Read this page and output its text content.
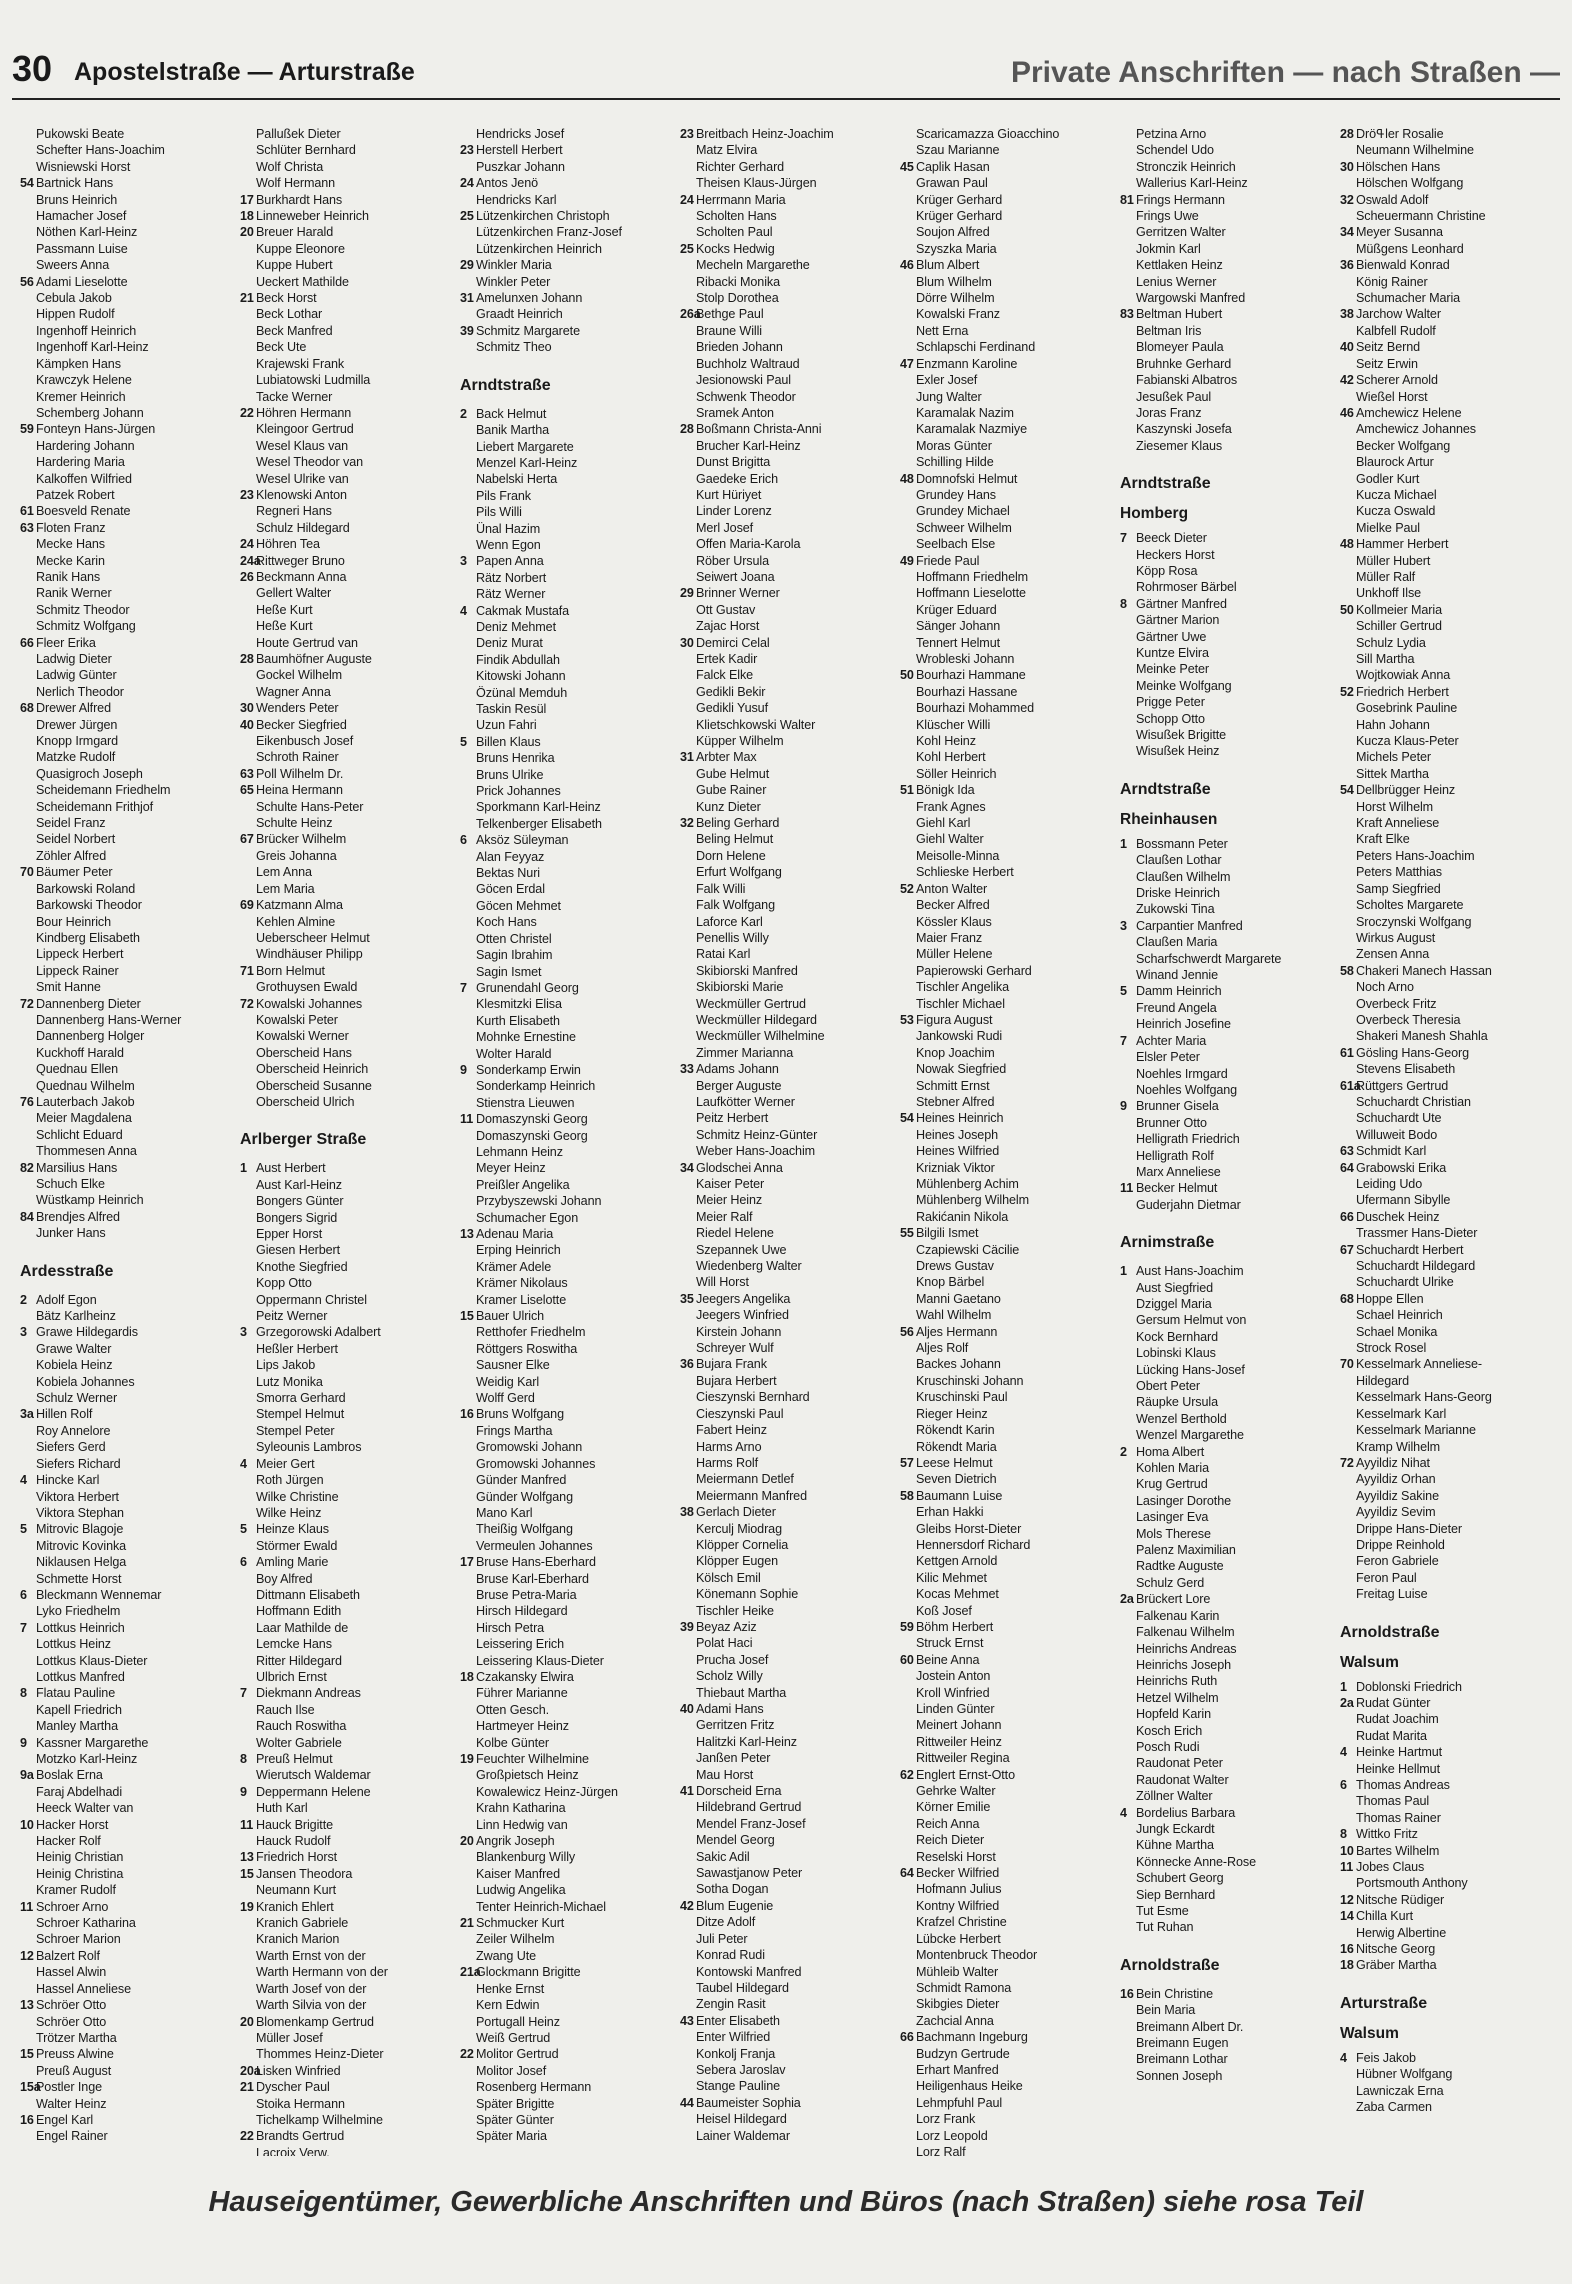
30 Apostelstraße — Arturstraße	Private Anschriften — nach Straßen —
Pukowski Beate
Schefter Hans-Joachim
Wisniewski Horst
54 Bartnick Hans
Bruns Heinrich
Hamacher Josef
Nöthen Karl-Heinz
Passmann Luise
Sweers Anna
56 Adami Lieselotte
Cebula Jakob
Hippen Rudolf
Ingenhoff Heinrich
Ingenhoff Karl-Heinz
Kämpken Hans
Krawczyk Helene
Kremer Heinrich
Schemberg Johann
59 Fonteyn Hans-Jürgen
Hardering Johann
Hardering Maria
Kalkoffen Wilfried
Patzek Robert
61 Boesveld Renate
63 Floten Franz
Mecke Hans
Mecke Karin
Ranik Hans
Ranik Werner
Schmitz Theodor
Schmitz Wolfgang
66 Fleer Erika
Ladwig Dieter
Ladwig Günter
Nerlich Theodor
68 Drewer Alfred
Drewer Jürgen
Knopp Irmgard
Matzke Rudolf
Quasigroch Joseph
Scheidemann Friedhelm
Scheidemann Frithjof
Seidel Franz
Seidel Norbert
Zöhler Alfred
70 Bäumer Peter
Barkowski Roland
Barkowski Theodor
Bour Heinrich
Kindberg Elisabeth
Lippeck Herbert
Lippeck Rainer
Smit Hanne
72 Dannenberg Dieter
Dannenberg Hans-Werner
Dannenberg Holger
Kuckhoff Harald
Quednau Ellen
Quednau Wilhelm
76 Lauterbach Jakob
Meier Magdalena
Schlicht Eduard
Thommesen Anna
82 Marsilius Hans
Schuch Elke
Wüstkamp Heinrich
84 Brendjes Alfred
Junker Hans
Ardesstraße
2 Adolf Egon
Bätz Karlheinz
3 Grawe Hildegardis
Grawe Walter
Kobiela Heinz
Kobiela Johannes
Schulz Werner
3a Hillen Rolf
Roy Annelore
Siefers Gerd
Siefers Richard
4 Hincke Karl
Viktora Herbert
Viktora Stephan
5 Mitrovic Blagoje
Mitrovic Kovinka
Niklausen Helga
Schmette Horst
6 Bleckmann Wennemar
Lyko Friedhelm
7 Lottkus Heinrich
Lottkus Heinz
Lottkus Klaus-Dieter
Lottkus Manfred
8 Flatau Pauline
Kapell Friedrich
Manley Martha
9 Kassner Margarethe
Motzko Karl-Heinz
9a Boslak Erna
Faraj Abdelhadi
Heeck Walter van
10 Hacker Horst
Hacker Rolf
Heinig Christian
Heinig Christina
Kramer Rudolf
11 Schroer Arno
Schroer Katharina
Schroer Marion
12 Balzert Rolf
Hassel Alwin
Hassel Anneliese
13 Schröer Otto
Schröer Otto
Trötzer Martha
15 Preuss Alwine
Preuß August
15aPostler Inge
Walter Heinz
16 Engel Karl
Engel Rainer
Pallußek Dieter
Schlüter Bernhard
Wolf Christa
Wolf Hermann
17 Burkhardt Hans
18 Linneweber Heinrich
20 Breuer Harald
Kuppe Eleonore
Kuppe Hubert
Ueckert Mathilde
21 Beck Horst
Beck Lothar
Beck Manfred
Beck Ute
Krajewski Frank
Lubiatowski Ludmilla
Tacke Werner
22 Höhren Hermann
Kleingoor Gertrud
Wesel Klaus van
Wesel Theodor van
Wesel Ulrike van
23 Klenowski Anton
Regneri Hans
Schulz Hildegard
24 Höhren Tea
24aRittweger Bruno
26 Beckmann Anna
Gellert Walter
Heße Kurt
Heße Kurt
Houte Gertrud van
28 Baumhöfner Auguste
Gockel Wilhelm
Wagner Anna
30 Wenders Peter
40 Becker Siegfried
Eikenbusch Josef
Schroth Rainer
63 Poll Wilhelm Dr.
65 Heina Hermann
Schulte Hans-Peter
Schulte Heinz
67 Brücker Wilhelm
Greis Johanna
Lem Anna
Lem Maria
69 Katzmann Alma
Kehlen Almine
Ueberscheer Helmut
Windhäuser Philipp
71 Born Helmut
Grothuysen Ewald
72 Kowalski Johannes
Kowalski Peter
Kowalski Werner
Oberscheid Hans
Oberscheid Heinrich
Oberscheid Susanne
Oberscheid Ulrich
Arlberger Straße
1 Aust Herbert
Aust Karl-Heinz
Bongers Günter
Bongers Sigrid
Epper Horst
Giesen Herbert
Knothe Siegfried
Kopp Otto
Oppermann Christel
Peitz Werner
3 Grzegorowski Adalbert
Heßler Herbert
Lips Jakob
Lutz Monika
Smorra Gerhard
Stempel Helmut
Stempel Peter
Syleounis Lambros
4 Meier Gert
Roth Jürgen
Wilke Christine
Wilke Heinz
5 Heinze Klaus
Störmer Ewald
6 Amling Marie
Boy Alfred
Dittmann Elisabeth
Hoffmann Edith
Laar Mathilde de
Lemcke Hans
Ritter Hildegard
Ulbrich Ernst
7 Diekmann Andreas
Rauch Ilse
Rauch Roswitha
Wolter Gabriele
8 Preuß Helmut
Wierutsch Waldemar
9 Deppermann Helene
Huth Karl
11 Hauck Brigitte
Hauck Rudolf
13 Friedrich Horst
15 Jansen Theodora
Neumann Kurt
19 Kranich Ehlert
Kranich Gabriele
Kranich Marion
Warth Ernst von der
Warth Hermann von der
Warth Josef von der
Warth Silvia von der
20 Blomenkamp Gertrud
Müller Josef
Thommes Heinz-Dieter
20aLisken Winfried
21 Dyscher Paul
Stoika Hermann
Tichelkamp Wilhelmine
22 Brandts Gertrud
Lacroix Verw.
Hendricks Josef
23 Herstell Herbert
Puszkar Johann
24 Antos Jenö
Hendricks Karl
25 Lützenkirchen Christoph
Lützenkirchen Franz-Josef
Lützenkirchen Heinrich
29 Winkler Maria
Winkler Peter
31 Amelunxen Johann
Graadt Heinrich
39 Schmitz Margarete
Schmitz Theo
Arndtstraße
2 Back Helmut
Banik Martha
Liebert Margarete
Menzel Karl-Heinz
Nabelski Herta
Pils Frank
Pils Willi
Ünal Hazim
Wenn Egon
3 Papen Anna
Rätz Norbert
Rätz Werner
4 Cakmak Mustafa
Deniz Mehmet
Deniz Murat
Findik Abdullah
Kitowski Johann
Özünal Memduh
Taskin Resül
Uzun Fahri
5 Billen Klaus
Bruns Henrika
Bruns Ulrike
Prick Johannes
Sporkmann Karl-Heinz
Telkenberger Elisabeth
6 Aksöz Süleyman
Alan Feyyaz
Bektas Nuri
Göcen Erdal
Göcen Mehmet
Koch Hans
Otten Christel
Sagin Ibrahim
Sagin Ismet
7 Grunendahl Georg
Klesmitzki Elisa
Kurth Elisabeth
Mohnke Ernestine
Wolter Harald
9 Sonderkamp Erwin
Sonderkamp Heinrich
Stienstra Lieuwen
11 Domaszynski Georg
Domaszynski Georg
Lehmann Heinz
Meyer Heinz
Preißler Angelika
Przybyszewski Johann
Schumacher Egon
13 Adenau Maria
Erping Heinrich
Krämer Adele
Krämer Nikolaus
Kramer Liselotte
15 Bauer Ulrich
Retthofer Friedhelm
Röttgers Roswitha
Sausner Elke
Weidig Karl
Wolff Gerd
16 Bruns Wolfgang
Frings Martha
Gromowski Johann
Gromowski Johannes
Günder Manfred
Günder Wolfgang
Mano Karl
Theißig Wolfgang
Vermeulen Johannes
17 Bruse Hans-Eberhard
Bruse Karl-Eberhard
Bruse Petra-Maria
Hirsch Hildegard
Hirsch Petra
Leisse​ring Erich
Leisse​ring Klaus-Dieter
18 Czakansky Elwira
Führer Marianne
Otten Gesch.
Hartmeyer Heinz
Kolbe Günter
19 Feuchter Wilhelmine
Großpietsch Heinz
Kowalewicz Heinz-Jürgen
Krahn Katharina
Linn Hedwig van
20 Angrik Joseph
Blankenburg Willy
Kaiser Manfred
Ludwig Angelika
Tenter Heinrich-Michael
21 Schmucker Kurt
Zeiler Wilhelm
Zwang Ute
21aGlockmann Brigitte
Henke Ernst
Kern Edwin
Portugall Heinz
Weiß Gertrud
22 Molitor Gertrud
Molitor Josef
Rosenberg Hermann
Später Brigitte
Später Günter
Später Maria
23 Breitbach Heinz-Joachim
Matz Elvira
Richter Gerhard
Theisen Klaus-Jürgen
24 Herrmann Maria
Scholten Hans
Scholten Paul
25 Kocks Hedwig
Mecheln Margarethe
Ribacki Monika
Stolp Dorothea
26aBethge Paul
Braune Willi
Brieden Johann
Buchholz Waltraud
Jesionowski Paul
Schwenk Theodor
Sramek Anton
28 Boßmann Christa-Anni
Brucher Karl-Heinz
Dunst Brigitta
Gaedeke Erich
Kurt Hüriyet
Linder Lorenz
Merl Josef
Offen Maria-Karola
Röber Ursula
Seiwert Joana
29 Brinner Werner
Ott Gustav
Zajac Horst
30 Demirci Celal
Ertek Kadir
Falck Elke
Gedikli Bekir
Gedikli Yusuf
Klietschkowski Walter
Küpper Wilhelm
31 Arbter Max
Gube Helmut
Gube Rainer
Kunz Dieter
32 Beling Gerhard
Beling Helmut
Dorn Helene
Erfurt Wolfgang
Falk Willi
Falk Wolfgang
Laforce Karl
Penellis Willy
Ratai Karl
Skibiorski Manfred
Skibiorski Marie
Weckmüller Gertrud
Weckmüller Hildegard
Weckmüller Wilhelmine
Zimmer Marianna
33 Adams Johann
Berger Auguste
Laufkötter Werner
Peitz Herbert
Schmitz Heinz-Günter
Weber Hans-Joachim
34 Glodschei Anna
Kaiser Peter
Meier Heinz
Meier Ralf
Riedel Helene
Szepannek Uwe
Wiedenberg Walter
Will Horst
35 Jeegers Angelika
Jeegers Winfried
Kirstein Johann
Schreyer Wulf
36 Bujara Frank
Bujara Herbert
Cieszynski Bernhard
Cieszynski Paul
Fabert Heinz
Harms Arno
Harms Rolf
Meiermann Detlef
Meiermann Manfred
38 Gerlach Dieter
Kerculj Miodrag
Klöpper Cornelia
Klöpper Eugen
Kölsch Emil
Könemann Sophie
Tischler Heike
39 Beyaz Aziz
Polat Haci
Prucha Josef
Scholz Willy
Thiebaut Martha
40 Adami Hans
Gerritzen Fritz
Halitzki Karl-Heinz
Janßen Peter
Mau Horst
41 Dorscheid Erna
Hildebrand Gertrud
Mendel Franz-Josef
Mendel Georg
Sakic Adil
Sawastjanow Peter
Sotha Dogan
42 Blum Eugenie
Ditze Adolf
Juli Peter
Konrad Rudi
Kontowski Manfred
Taubel Hildegard
Zengin Rasit
43 Enter Elisabeth
Enter Wilfried
Konkolj Franja
Sebera Jaroslav
Stange Pauline
44 Baumeister Sophia
Heisel Hildegard
Lainer Waldemar
Scaricamazza Gioacchino
Szau Marianne
45 Caplik Hasan
Grawan Paul
Krüger Gerhard
Krüger Gerhard
Soujon Alfred
Szyszka Maria
46 Blum Albert
Blum Wilhelm
Dörre Wilhelm
Kowalski Franz
Nett Erna
Schlapschi Ferdinand
47 Enzmann Karoline
Exler Josef
Jung Walter
Karamalak Nazim
Karamalak Nazmiye
Moras Günter
Schilling Hilde
48 Domnofski Helmut
Grundey Hans
Grundey Michael
Schweer Wilhelm
Seelbach Else
49 Friede Paul
Hoffmann Friedhelm
Hoffmann Lieselotte
Krüger Eduard
Sänger Johann
Tennert Helmut
Wrobleski Johann
50 Bourhazi Hammane
Bourhazi Hassane
Bourhazi Mohammed
Klüscher Willi
Kohl Heinz
Kohl Herbert
Söller Heinrich
51 Bönigk Ida
Frank Agnes
Giehl Karl
Giehl Walter
Meisolle-Minna
Schlieske Herbert
52 Anton Walter
Becker Alfred
Kössler Klaus
Maier Franz
Müller Helene
Papierowski Gerhard
Tischler Angelika
Tischler Michael
53 Figura August
Jankowski Rudi
Knop Joachim
Nowak Siegfried
Schmitt Ernst
Stebner Alfred
54 Heines Heinrich
Heines Joseph
Heines Wilfried
Krizniak Viktor
Mühlenberg Achim
Mühlenberg Wilhelm
Rakićanin Nikola
55 Bilgili Ismet
Czapiewski Cäcilie
Drews Gustav
Knop Bärbel
Manni Gaetano
Wahl Wilhelm
56 Aljes Hermann
Aljes Rolf
Backes Johann
Kruschinski Johann
Kruschinski Paul
Rieger Heinz
Rökendt Karin
Rökendt Maria
57 Leese Helmut
Seven Dietrich
58 Baumann Luise
Erhan Hakki
Gleibs Horst-Dieter
Hennersdorf Richard
Kettgen Arnold
Kilic Mehmet
Kocas Mehmet
Koß Josef
59 Böhm Herbert
Struck Ernst
60 Beine Anna
Jostein Anton
Kroll Winfried
Linden Günter
Meinert Johann
Rittweiler Heinz
Rittweiler Regina
62 Englert Ernst-Otto
Gehrke Walter
Körner Emilie
Reich Anna
Reich Dieter
Reselski Horst
64 Becker Wilfried
Hofmann Julius
Kontny Wilfried
Krafzel Christine
Lübcke Herbert
Montenbruck Theodor
Mühleib Walter
Schmidt Ramona
Skibgies Dieter
Zachcial Anna
66 Bachmann Ingeburg
Budzyn Gertrude
Erhart Manfred
Heiligenhaus Heike
Lehmpfuhl Paul
Lorz Frank
Lorz Leopold
Lorz Ralf
Petzina Arno
Schendel Udo
Stronczik Heinrich
Wallerius Karl-Heinz
81 Frings Hermann
Frings Uwe
Gerritzen Walter
Jokmin Karl
Kettlaken Heinz
Lenius Werner
Wargowski Manfred
83 Beltman Hubert
Beltman Iris
Blomeyer Paula
Bruhnke Gerhard
Fabianski Albatros
Jesußek Paul
Joras Franz
Kaszynski Josefa
Ziesemer Klaus
Arndtstraße
Homberg
7 Beeck Dieter
Heckers Horst
Köpp Rosa
Rohrmoser Bärbel
8 Gärtner Manfred
Gärtner Marion
Gärtner Uwe
Kuntze Elvira
Meinke Peter
Meinke Wolfgang
Prigge Peter
Schopp Otto
Wisußek Brigitte
Wisußek Heinz
Arndtstraße
Rheinhausen
1 Bossmann Peter
Claußen Lothar
Claußen Wilhelm
Driske Heinrich
Zukowski Tina
3 Carpantier Manfred
Claußen Maria
Scharfschwerdt Margarete
Winand Jennie
5 Damm Heinrich
Freund Angela
Heinrich Josefine
7 Achter Maria
Elsler Peter
Noehles Irmgard
Noehles Wolfgang
9 Brunner Gisela
Brunner Otto
Helligrath Friedrich
Helligrath Rolf
Marx Anneliese
11 Becker Helmut
Guderjahn Dietmar
Arnimstraße
1 Aust Hans-Joachim
Aust Siegfried
Dziggel Maria
Gersum Helmut von
Kock Bernhard
Lobinski Klaus
Lücking Hans-Josef
Obert Peter
Räupke Ursula
Wenzel Berthold
Wenzel Margarethe
2 Homa Albert
Kohlen Maria
Krug Gertrud
Lasinger Dorothe
Lasinger Eva
Mols Therese
Palenz Maximilian
Radtke Auguste
Schulz Gerd
2a Brückert Lore
Falkenau Karin
Falkenau Wilhelm
Heinrichs Andreas
Heinrichs Joseph
Heinrichs Ruth
Hetzel Wilhelm
Hopfeld Karin
Kosch Erich
Posch Rudi
Raudonat Peter
Raudonat Walter
Zöllner Walter
4 Bordelius Barbara
Jungk Eckardt
Kühne Martha
Könnecke Anne-Rose
Schubert Georg
Siep Bernhard
Tut Esme
Tut Ruhan
Arnoldstraße
16 Bein Christine
Bein Maria
Breimann Albert Dr.
Breimann Eugen
Breimann Lothar
Sonnen Joseph
28 Dröߟler Rosalie
Neumann Wilhelmine
30 Hölschen Hans
Hölschen Wolfgang
32 Oswald Adolf
Scheuermann Christine
34 Meyer Susanna
Müßgens Leonhard
36 Bienwald Konrad
König Rainer
Schumacher Maria
38 Jarchow Walter
Kalbfell Rudolf
40 Seitz Bernd
Seitz Erwin
42 Scherer Arnold
Wießel Horst
46 Amchewicz Helene
Amchewicz Johannes
Becker Wolfgang
Blaurock Artur
Godler Kurt
Kucza Michael
Kucza Oswald
Mielke Paul
48 Hammer Herbert
Müller Hubert
Müller Ralf
Unkhoff Ilse
50 Kollmeier Maria
Schiller Gertrud
Schulz Lydia
Sill Martha
Wojtkowiak Anna
52 Friedrich Herbert
Gosebrink Pauline
Hahn Johann
Kucza Klaus-Peter
Michels Peter
Sittek Martha
54 Dellbrügger Heinz
Horst Wilhelm
Kraft Anneliese
Kraft Elke
Peters Hans-Joachim
Peters Matthias
Samp Siegfried
Scholtes Margarete
Sroczynski Wolfgang
Wirkus August
Zensen Anna
58 Chakeri Manech Hassan
Noch Arno
Overbeck Fritz
Overbeck Theresia
Shakeri Manesh Shahla
61 Gösling Hans-Georg
Stevens Elisabeth
61aRüttgers Gertrud
Schuchardt Christian
Schuchardt Ute
Willuweit Bodo
63 Schmidt Karl
64 Grabowski Erika
Leiding Udo
Ufermann Sibylle
66 Duschek Heinz
Trassmer Hans-Dieter
67 Schuchardt Herbert
Schuchardt Hildegard
Schuchardt Ulrike
68 Hoppe Ellen
Schael Heinrich
Schael Monika
Strock Rosel
70 Kesselmark Anneliese-
Hildegard
Kesselmark Hans-Georg
Kesselmark Karl
Kesselmark Marianne
Kramp Wilhelm
72 Ayyildiz Nihat
Ayyildiz Orhan
Ayyildiz Sakine
Ayyildiz Sevim
Drippe Hans-Dieter
Drippe Reinhold
Feron Gabriele
Feron Paul
Freitag Luise
Arnoldstraße
Walsum
1 Doblonski Friedrich
2a Rudat Günter
Rudat Joachim
Rudat Marita
4 Heinke Hartmut
Heinke Hellmut
6 Thomas Andreas
Thomas Paul
Thomas Rainer
8 Wittko Fritz
10 Bartes Wilhelm
11 Jobes Claus
Portsmouth Anthony
12 Nitsche Rüdiger
14 Chilla Kurt
Herwig Albertine
16 Nitsche Georg
18 Gräber Martha
Arturstraße
Walsum
4 Feis Jakob
Hübner Wolfgang
Lawniczak Erna
Zaba Carmen
Hauseigentümer, Gewerbliche Anschriften und Büros (nach Straßen) siehe rosa Teil
